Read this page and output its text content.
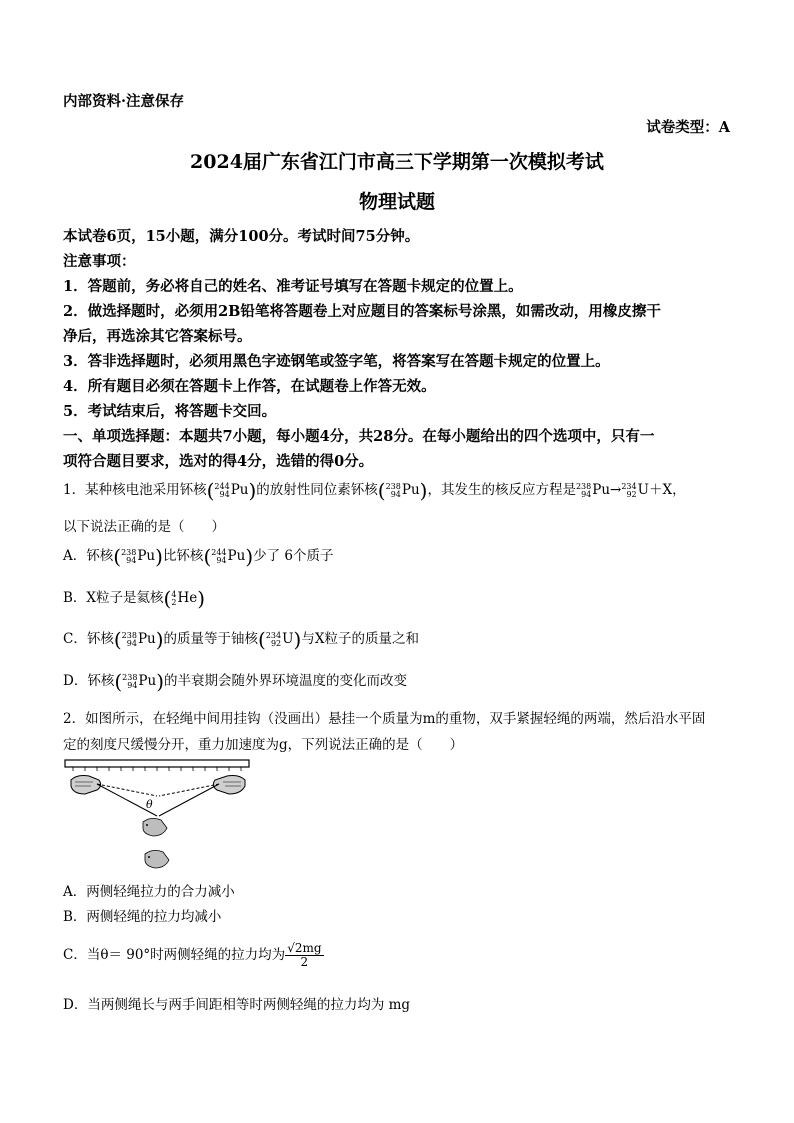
内部资料·注意保存
试卷类型：A
2024届广东省江门市高三下学期第一次模拟考试
物理试题
本试卷6页，15小题，满分100分。考试时间75分钟。
注意事项：
1．答题前，务必将自己的姓名、准考证号填写在答题卡规定的位置上。
2．做选择题时，必须用2B铅笔将答题卷上对应题目的答案标号涂黑，如需改动，用橡皮擦干
净后，再选涂其它答案标号。
3．答非选择题时，必须用黑色字迹钢笔或签字笔，将答案写在答题卡规定的位置上。
4．所有题目必须在答题卡上作答，在试题卷上作答无效。
5．考试结束后，将答题卡交回。
一、单项选择题：本题共7小题，每小题4分，共28分。在每小题给出的四个选项中，只有一
项符合题目要求，选对的得4分，选错的得0分。
1．某种核电池采用钚核( 244
94 Pu)的放射性同位素钚核( 238
94 Pu)，其发生的核反应方程是 238
94 Pu→ 234
92 U＋X，
以下说法正确的是（　　）
A．钚核( 238
94 Pu)比钚核( 244
94 Pu)少了 6个质子
B．X粒子是氦核( 4
2 He)
C．钚核( 238
94 Pu)的质量等于铀核( 234
92 U)与X粒子的质量之和
D．钚核( 238
94 Pu)的半衰期会随外界环境温度的变化而改变
2．如图所示，在轻绳中间用挂钩（没画出）悬挂一个质量为m的重物，双手紧握轻绳的两端，然后沿水平固
定的刻度尺缓慢分开，重力加速度为g，下列说法正确的是（　　）
θ
A．两侧轻绳拉力的合力减小
B．两侧轻绳的拉力均减小
C．当θ＝ 90°时两侧轻绳的拉力均为 $\frac{√2mg}{2}$
D．当两侧绳长与两手间距相等时两侧轻绳的拉力均为 mg
